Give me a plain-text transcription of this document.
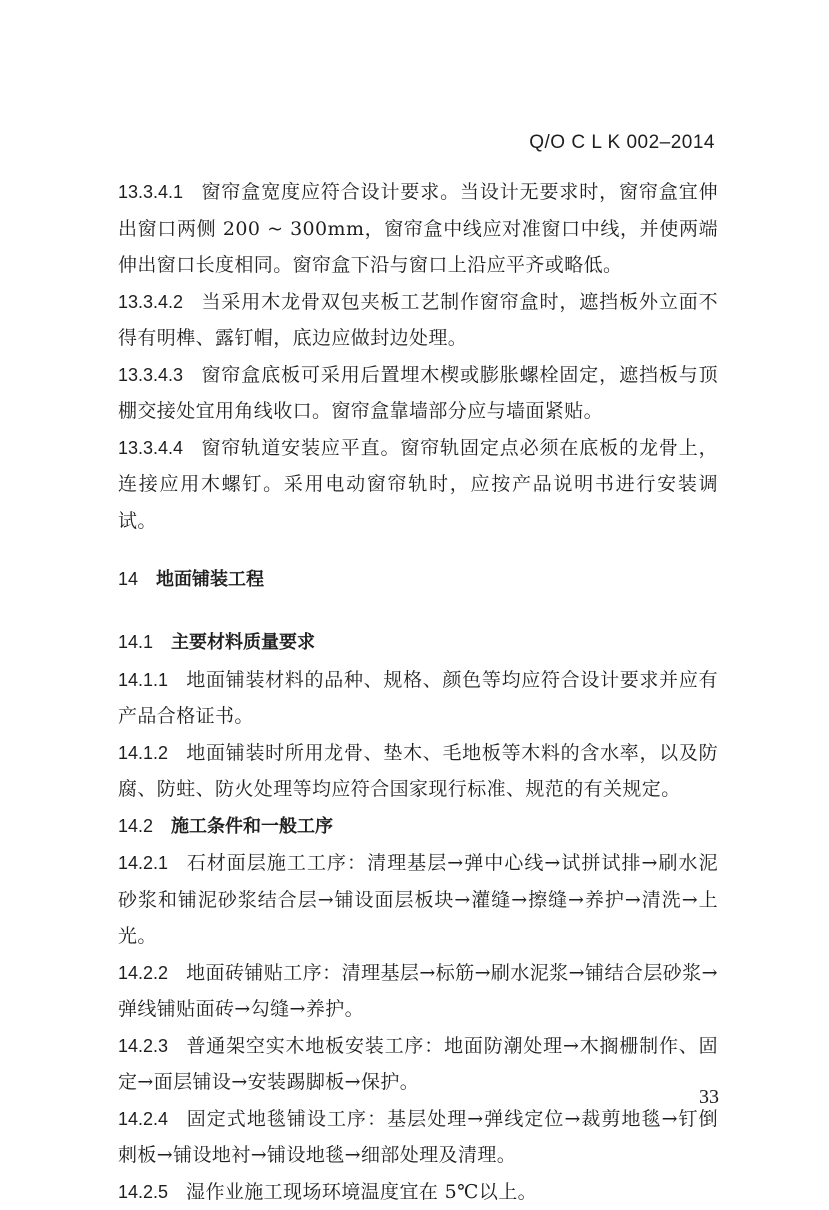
Q/O C L K 002–2014

13.3.4.1 窗帘盒宽度应符合设计要求。当设计无要求时，窗帘盒宜伸出窗口两侧 200 ~ 300mm，窗帘盒中线应对准窗口中线，并使两端伸出窗口长度相同。窗帘盒下沿与窗口上沿应平齐或略低。

13.3.4.2 当采用木龙骨双包夹板工艺制作窗帘盒时，遮挡板外立面不得有明榫、露钉帽，底边应做封边处理。

13.3.4.3 窗帘盒底板可采用后置埋木楔或膨胀螺栓固定，遮挡板与顶棚交接处宜用角线收口。窗帘盒靠墙部分应与墙面紧贴。

13.3.4.4 窗帘轨道安装应平直。窗帘轨固定点必须在底板的龙骨上，连接应用木螺钉。采用电动窗帘轨时，应按产品说明书进行安装调试。

14 地面铺装工程
14.1 主要材料质量要求

14.1.1 地面铺装材料的品种、规格、颜色等均应符合设计要求并应有产品合格证书。

14.1.2 地面铺装时所用龙骨、垫木、毛地板等木料的含水率，以及防腐、防蛀、防火处理等均应符合国家现行标准、规范的有关规定。

14.2 施工条件和一般工序

14.2.1 石材面层施工工序：清理基层→弹中心线→试拼试排→刷水泥砂浆和铺泥砂浆结合层→铺设面层板块→灌缝→擦缝→养护→清洗→上光。

14.2.2 地面砖铺贴工序：清理基层→标筋→刷水泥浆→铺结合层砂浆→弹线铺贴面砖→勾缝→养护。

14.2.3 普通架空实木地板安装工序：地面防潮处理→木搁栅制作、固定→面层铺设→安装踢脚板→保护。

14.2.4 固定式地毯铺设工序：基层处理→弹线定位→裁剪地毯→钉倒刺板→铺设地衬→铺设地毯→细部处理及清理。

14.2.5 湿作业施工现场环境温度宜在 5℃以上。

33
